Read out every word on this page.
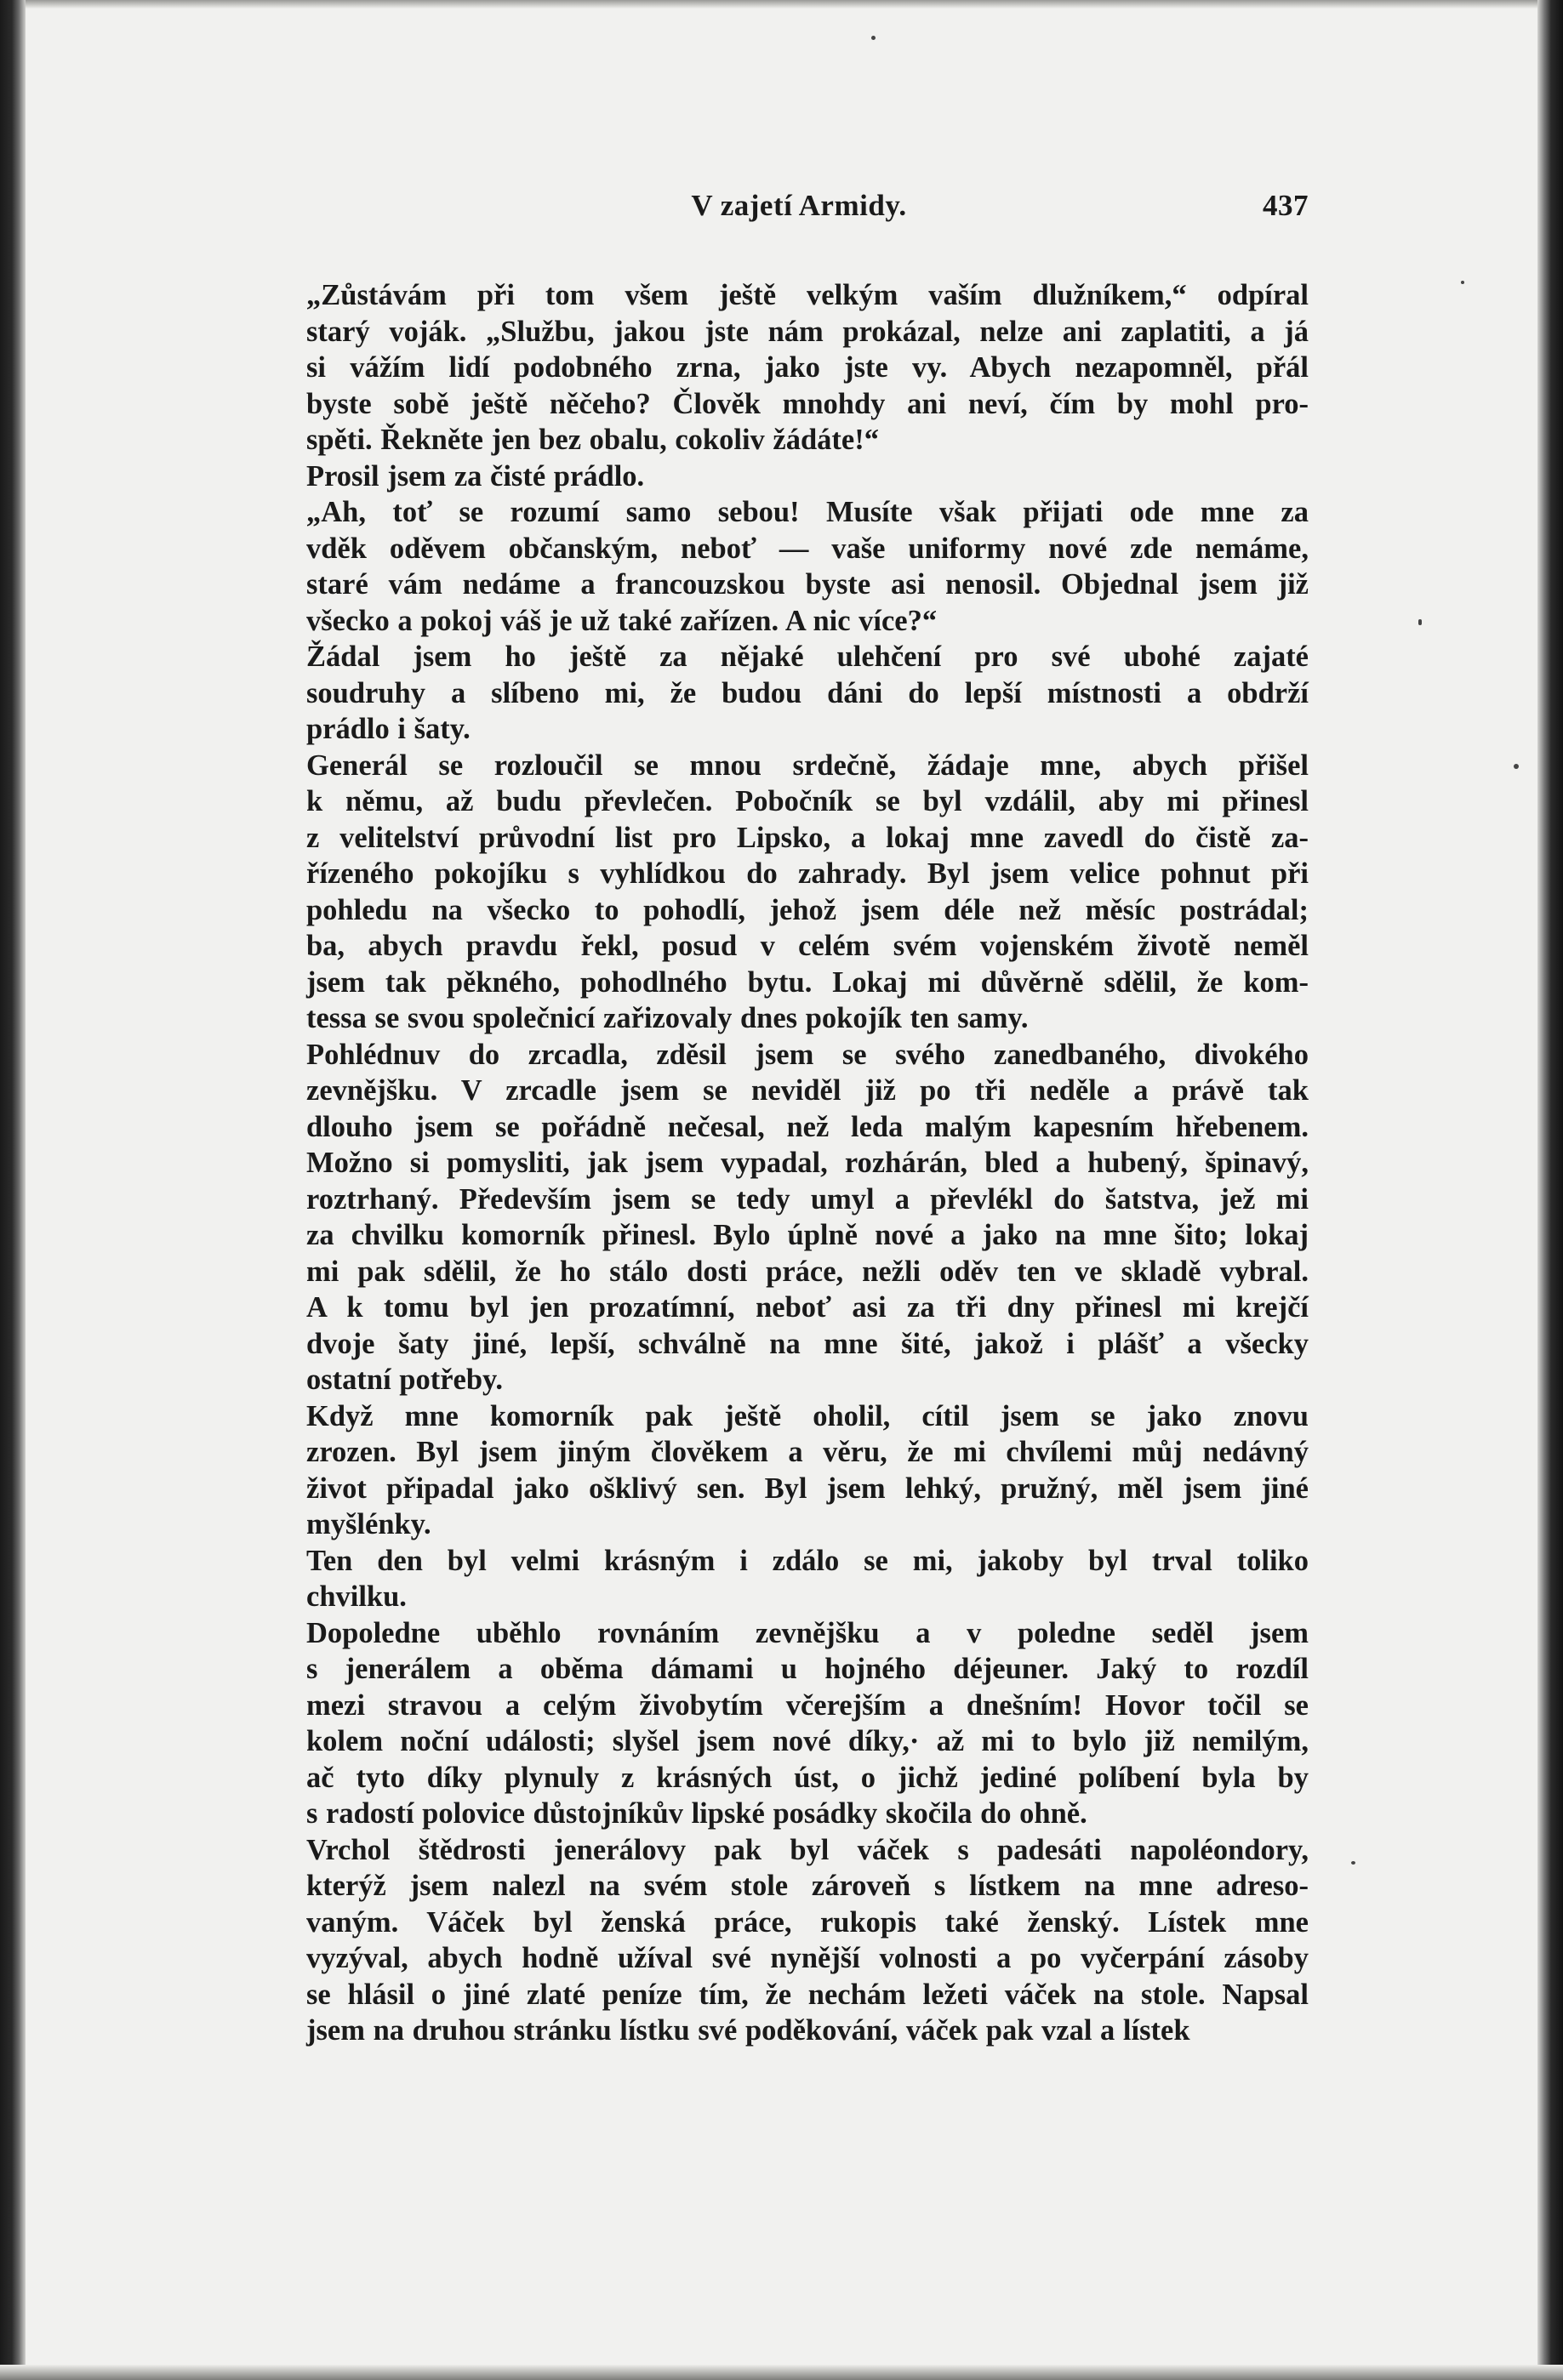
V zajetí Armidy.	437
„Zůstávám při tom všem ještě velkým vaším dlužníkem,“ odpíral
starý voják. „Službu, jakou jste nám prokázal, nelze ani zaplatiti, a já
si vážím lidí podobného zrna, jako jste vy. Abych nezapomněl, přál
byste sobě ještě něčeho? Člověk mnohdy ani neví, čím by mohl pro-
spěti. Řekněte jen bez obalu, cokoliv žádáte!“
Prosil jsem za čisté prádlo.
„Ah, toť se rozumí samo sebou! Musíte však přijati ode mne za
vděk oděvem občanským, neboť — vaše uniformy nové zde nemáme,
staré vám nedáme a francouzskou byste asi nenosil. Objednal jsem již
všecko a pokoj váš je už také zařízen. A nic více?“
Žádal jsem ho ještě za nějaké ulehčení pro své ubohé zajaté
soudruhy a slíbeno mi, že budou dáni do lepší místnosti a obdrží
prádlo i šaty.
Generál se rozloučil se mnou srdečně, žádaje mne, abych přišel
k němu, až budu převlečen. Pobočník se byl vzdálil, aby mi přinesl
z velitelství průvodní list pro Lipsko, a lokaj mne zavedl do čistě za-
řízeného pokojíku s vyhlídkou do zahrady. Byl jsem velice pohnut při
pohledu na všecko to pohodlí, jehož jsem déle než měsíc postrádal;
ba, abych pravdu řekl, posud v celém svém vojenském životě neměl
jsem tak pěkného, pohodlného bytu. Lokaj mi důvěrně sdělil, že kom-
tessa se svou společnicí zařizovaly dnes pokojík ten samy.
Pohlédnuv do zrcadla, zděsil jsem se svého zanedbaného, divokého
zevnějšku. V zrcadle jsem se neviděl již po tři neděle a právě tak
dlouho jsem se pořádně nečesal, než leda malým kapesním hřebenem.
Možno si pomysliti, jak jsem vypadal, rozhárán, bled a hubený, špinavý,
roztrhaný. Především jsem se tedy umyl a převlékl do šatstva, jež mi
za chvilku komorník přinesl. Bylo úplně nové a jako na mne šito; lokaj
mi pak sdělil, že ho stálo dosti práce, nežli oděv ten ve skladě vybral.
A k tomu byl jen prozatímní, neboť asi za tři dny přinesl mi krejčí
dvoje šaty jiné, lepší, schválně na mne šité, jakož i plášť a všecky
ostatní potřeby.
Když mne komorník pak ještě oholil, cítil jsem se jako znovu
zrozen. Byl jsem jiným člověkem a věru, že mi chvílemi můj nedávný
život připadal jako ošklivý sen. Byl jsem lehký, pružný, měl jsem jiné
myšlénky.
Ten den byl velmi krásným i zdálo se mi, jakoby byl trval toliko
chvilku.
Dopoledne uběhlo rovnáním zevnějšku a v poledne seděl jsem
s jenerálem a oběma dámami u hojného déjeuner. Jaký to rozdíl
mezi stravou a celým živobytím včerejším a dnešním! Hovor točil se
kolem noční události; slyšel jsem nové díky,· až mi to bylo již nemilým,
ač tyto díky plynuly z krásných úst, o jichž jediné políbení byla by
s radostí polovice důstojníkův lipské posádky skočila do ohně.
Vrchol štědrosti jenerálovy pak byl váček s padesáti napoléondory,
kterýž jsem nalezl na svém stole zároveň s lístkem na mne adreso-
vaným. Váček byl ženská práce, rukopis také ženský. Lístek mne
vyzýval, abych hodně užíval své nynější volnosti a po vyčerpání zásoby
se hlásil o jiné zlaté peníze tím, že nechám ležeti váček na stole. Napsal
jsem na druhou stránku lístku své poděkování, váček pak vzal a lístek
